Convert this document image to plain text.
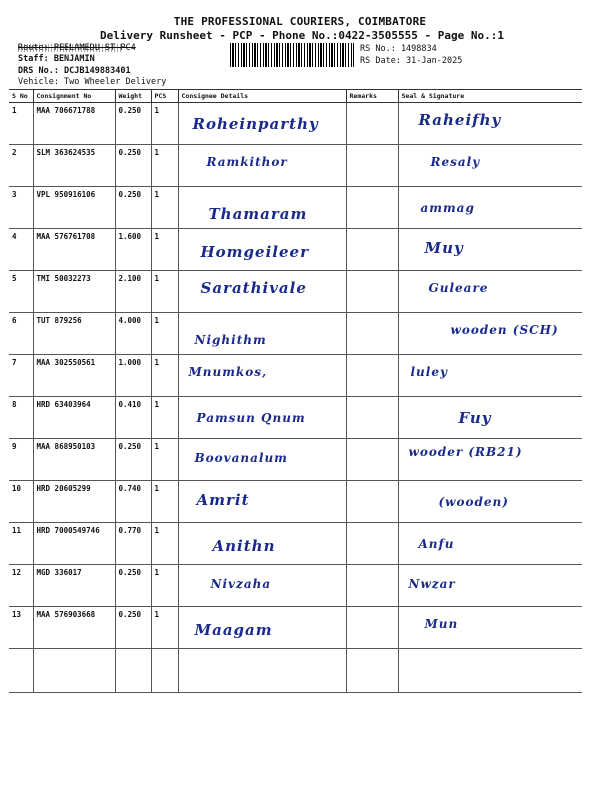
THE PROFESSIONAL COURIERS, COIMBATORE
Delivery Runsheet - PCP - Phone No.:0422-3505555 - Page No.:1
Route: PEELAMEDU ST PC4
Staff: BENJAMIN
DRS No.: DCJB149883401
Vehicle: Two Wheeler Delivery
RS No.: 1498834
RS Date: 31-Jan-2025
S No	Consignment No	Weight	PCS	Consignee Details	Remarks	Seal & Signature
1	MAA 706671788	0.250	1	Roheinparthy		Raheifhy

2	SLM 363624535	0.250	1	Ramkithor		Resaly

3	VPL 950916106	0.250	1	Thamaram		ammag

4	MAA 576761708	1.600	1	Homgeileer		Muy

5	TMI 50032273	2.100	1	Sarathivale		Guleare

6	TUT 879256	4.000	1	Nighithm		wooden (SCH)

7	MAA 302550561	1.000	1	Mnumkos,		luley

8	HRD 63403964	0.410	1	Pamsun Qnum		Fuy

9	MAA 868950103	0.250	1	Boovanalum		wooder (RB21)

10	HRD 20605299	0.740	1	Amrit		(wooden)

11	HRD 7000549746	0.770	1	Anithn		Anfu

12	MGD 336017	0.250	1	Nivzaha		Nwzar

13	MAA 576903668	0.250	1	Maagam		Mun
